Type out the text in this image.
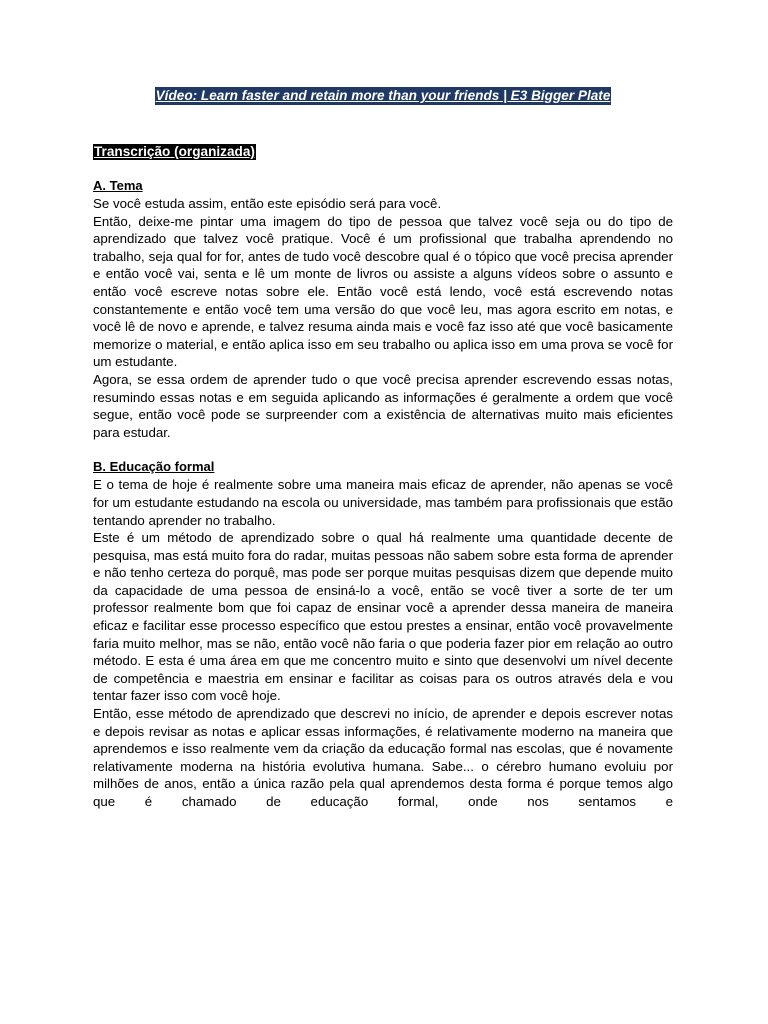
Vídeo: Learn faster and retain more than your friends | E3 Bigger Plate

Transcrição (organizada)

A. Tema

Se você estuda assim, então este episódio será para você.

Então, deixe-me pintar uma imagem do tipo de pessoa que talvez você seja ou do tipo de aprendizado que talvez você pratique. Você é um profissional que trabalha aprendendo no trabalho, seja qual for for, antes de tudo você descobre qual é o tópico que você precisa aprender e então você vai, senta e lê um monte de livros ou assiste a alguns vídeos sobre o assunto e então você escreve notas sobre ele. Então você está lendo, você está escrevendo notas constantemente e então você tem uma versão do que você leu, mas agora escrito em notas, e você lê de novo e aprende, e talvez resuma ainda mais e você faz isso até que você basicamente memorize o material, e então aplica isso em seu trabalho ou aplica isso em uma prova se você for um estudante.

Agora, se essa ordem de aprender tudo o que você precisa aprender escrevendo essas notas, resumindo essas notas e em seguida aplicando as informações é geralmente a ordem que você segue, então você pode se surpreender com a existência de alternativas muito mais eficientes para estudar.

B. Educação formal

E o tema de hoje é realmente sobre uma maneira mais eficaz de aprender, não apenas se você for um estudante estudando na escola ou universidade, mas também para profissionais que estão tentando aprender no trabalho.

Este é um método de aprendizado sobre o qual há realmente uma quantidade decente de pesquisa, mas está muito fora do radar, muitas pessoas não sabem sobre esta forma de aprender e não tenho certeza do porquê, mas pode ser porque muitas pesquisas dizem que depende muito da capacidade de uma pessoa de ensiná-lo a você, então se você tiver a sorte de ter um professor realmente bom que foi capaz de ensinar você a aprender dessa maneira de maneira eficaz e facilitar esse processo específico que estou prestes a ensinar, então você provavelmente faria muito melhor, mas se não, então você não faria o que poderia fazer pior em relação ao outro método. E esta é uma área em que me concentro muito e sinto que desenvolvi um nível decente de competência e maestria em ensinar e facilitar as coisas para os outros através dela e vou tentar fazer isso com você hoje.

Então, esse método de aprendizado que descrevi no início, de aprender e depois escrever notas e depois revisar as notas e aplicar essas informações, é relativamente moderno na maneira que aprendemos e isso realmente vem da criação da educação formal nas escolas, que é novamente relativamente moderna na história evolutiva humana. Sabe... o cérebro humano evoluiu por milhões de anos, então a única razão pela qual aprendemos desta forma é porque temos algo que é chamado de educação formal, onde nos sentamos e
